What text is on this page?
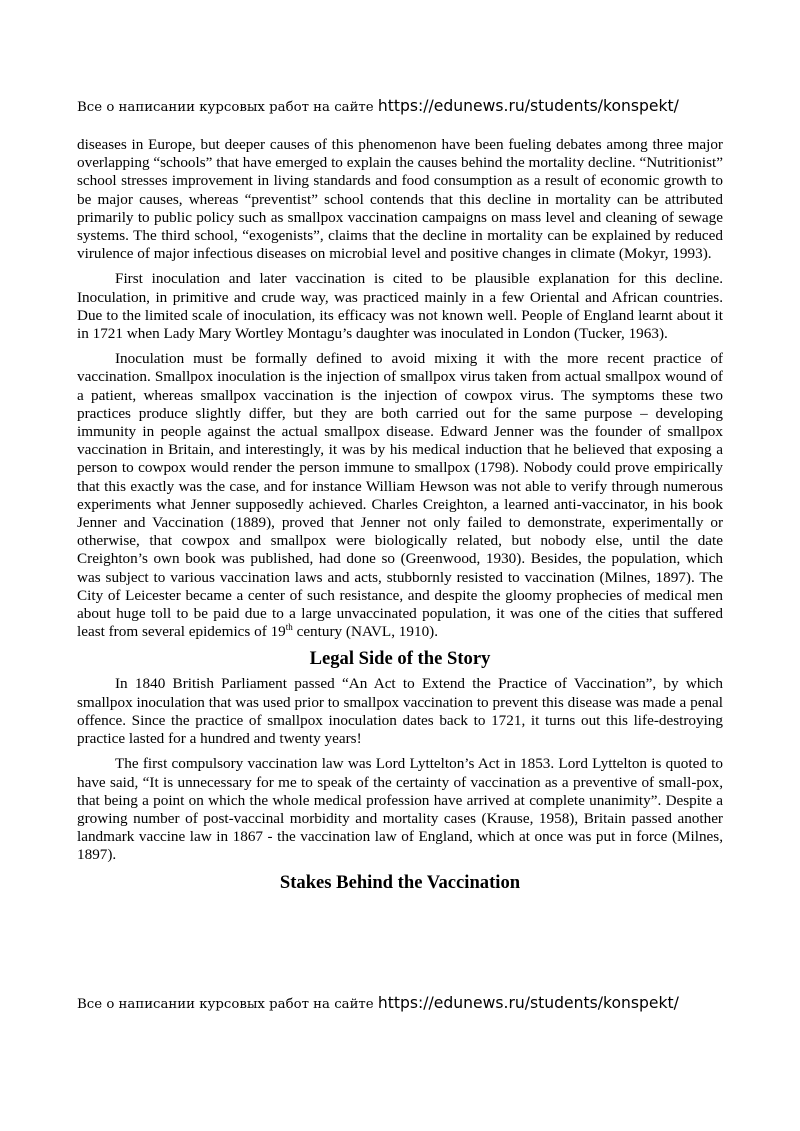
Все о написании курсовых работ на сайте https://edunews.ru/students/konspekt/

diseases in Europe, but deeper causes of this phenomenon have been fueling debates among three major overlapping “schools” that have emerged to explain the causes behind the mortality decline. “Nutritionist” school stresses improvement in living standards and food consumption as a result of economic growth to be major causes, whereas “preventist” school contends that this decline in mortality can be attributed primarily to public policy such as smallpox vaccination campaigns on mass level and cleaning of sewage systems. The third school, “exogenists”, claims that the decline in mortality can be explained by reduced virulence of major infectious diseases on microbial level and positive changes in climate (Mokyr, 1993).

First inoculation and later vaccination is cited to be plausible explanation for this decline. Inoculation, in primitive and crude way, was practiced mainly in a few Oriental and African countries. Due to the limited scale of inoculation, its efficacy was not known well. People of England learnt about it in 1721 when Lady Mary Wortley Montagu’s daughter was inoculated in London (Tucker, 1963).

Inoculation must be formally defined to avoid mixing it with the more recent practice of vaccination. Smallpox inoculation is the injection of smallpox virus taken from actual smallpox wound of a patient, whereas smallpox vaccination is the injection of cowpox virus. The symptoms these two practices produce slightly differ, but they are both carried out for the same purpose – developing immunity in people against the actual smallpox disease. Edward Jenner was the founder of smallpox vaccination in Britain, and interestingly, it was by his medical induction that he believed that exposing a person to cowpox would render the person immune to smallpox (1798). Nobody could prove empirically that this exactly was the case, and for instance William Hewson was not able to verify through numerous experiments what Jenner supposedly achieved. Charles Creighton, a learned anti-vaccinator, in his book Jenner and Vaccination (1889), proved that Jenner not only failed to demonstrate, experimentally or otherwise, that cowpox and smallpox were biologically related, but nobody else, until the date Creighton’s own book was published, had done so (Greenwood, 1930). Besides, the population, which was subject to various vaccination laws and acts, stubbornly resisted to vaccination (Milnes, 1897). The City of Leicester became a center of such resistance, and despite the gloomy prophecies of medical men about huge toll to be paid due to a large unvaccinated population, it was one of the cities that suffered least from several epidemics of 19th century (NAVL, 1910).

Legal Side of the Story

In 1840 British Parliament passed “An Act to Extend the Practice of Vaccination”, by which smallpox inoculation that was used prior to smallpox vaccination to prevent this disease was made a penal offence. Since the practice of smallpox inoculation dates back to 1721, it turns out this life-destroying practice lasted for a hundred and twenty years!

The first compulsory vaccination law was Lord Lyttelton’s Act in 1853. Lord Lyttelton is quoted to have said, “It is unnecessary for me to speak of the certainty of vaccination as a preventive of small-pox, that being a point on which the whole medical profession have arrived at complete unanimity”. Despite a growing number of post-vaccinal morbidity and mortality cases (Krause, 1958), Britain passed another landmark vaccine law in 1867 - the vaccination law of England, which at once was put in force (Milnes, 1897).

Stakes Behind the Vaccination
Все о написании курсовых работ на сайте https://edunews.ru/students/konspekt/
